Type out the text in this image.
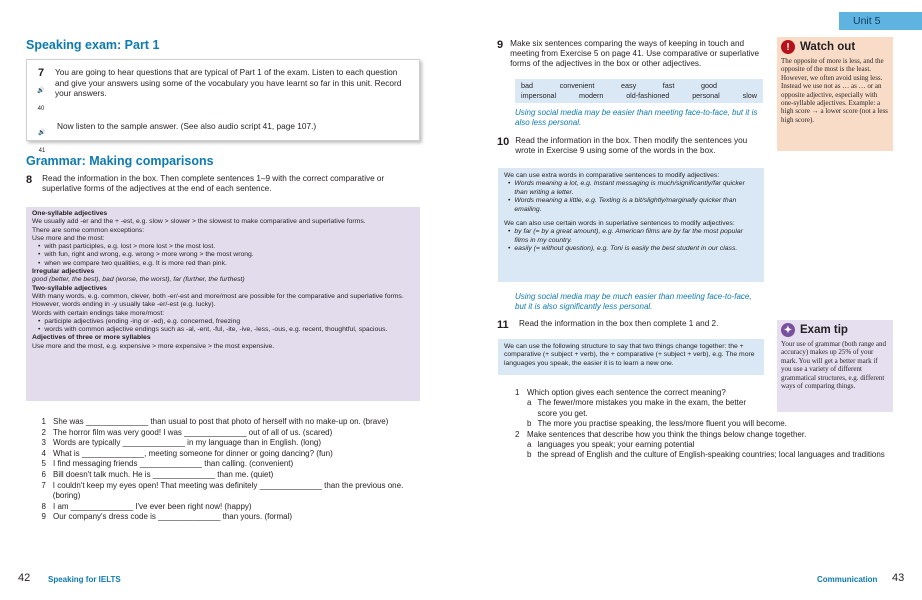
Speaking exam: Part 1
7
🔊 40
You are going to hear questions that are typical of Part 1 of the exam. Listen to each question and give your answers using some of the vocabulary you have learnt so far in this unit. Record your answers.
🔊 41
Now listen to the sample answer. (See also audio script 41, page 107.)
Grammar: Making comparisons
8 Read the information in the box. Then complete sentences 1–9 with the correct comparative or superlative forms of the adjectives at the end of each sentence.
One-syllable adjectives
We usually add -er and the + -est, e.g. slow > slower > the slowest to make comparative and superlative forms.
There are some common exceptions:
Use more and the most:
• with past participles, e.g. lost > more lost > the most lost.
• with fun, right and wrong, e.g. wrong > more wrong > the most wrong.
• when we compare two qualities, e.g. It is more red than pink.
Irregular adjectives
good (better, the best), bad (worse, the worst), far (further, the furthest)
Two-syllable adjectives
With many words, e.g. common, clever, both -er/-est and more/most are possible for the comparative and superlative forms. However, words ending in -y usually take -er/-est (e.g. lucky).
Words with certain endings take more/most:
• participle adjectives (ending -ing or -ed), e.g. concerned, freezing
• words with common adjective endings such as -al, -ent, -ful, -ite, -ive, -less, -ous, e.g. recent, thoughtful, spacious.
Adjectives of three or more syllables
Use more and the most, e.g. expensive > more expensive > the most expensive.
1 She was ______________ than usual to post that photo of herself with no make-up on. (brave)
2 The horror film was very good! I was ______________ out of all of us. (scared)
3 Words are typically ______________ in my language than in English. (long)
4 What is ______________, meeting someone for dinner or going dancing? (fun)
5 I find messaging friends ______________ than calling. (convenient)
6 Bill doesn't talk much. He is ______________ than me. (quiet)
7 I couldn't keep my eyes open! That meeting was definitely ______________ than the previous one. (boring)
8 I am ______________ I've ever been right now! (happy)
9 Our company's dress code is ______________ than yours. (formal)
42 Speaking for IELTS
Unit 5
9 Make six sentences comparing the ways of keeping in touch and meeting from Exercise 5 on page 41. Use comparative or superlative forms of the adjectives in the box or other adjectives.
bad	convenient	easy	fast	good
impersonal	modern	old-fashioned	personal	slow
Using social media may be easier than meeting face-to-face, but it is also less personal.
10 Read the information in the box. Then modify the sentences you wrote in Exercise 9 using some of the words in the box.
We can use extra words in comparative sentences to modify adjectives:
• Words meaning a lot, e.g. Instant messaging is much/significantly/far quicker than writing a letter.
• Words meaning a little, e.g. Texting is a bit/slightly/marginally quicker than emailing.
We can also use certain words in superlative sentences to modify adjectives:
• by far (= by a great amount), e.g. American films are by far the most popular films in my country.
• easily (= without question), e.g. Toni is easily the best student in our class.
Using social media may be much easier than meeting face-to-face, but it is also significantly less personal.
11	Read the information in the box then complete 1 and 2.
We can use the following structure to say that two things change together: the + comparative (+ subject + verb), the + comparative (+ subject + verb), e.g. The more languages you speak, the easier it is to learn a new one.
1 Which option gives each sentence the correct meaning?
a The fewer/more mistakes you make in the exam, the better score you get.
b The more you practise speaking, the less/more fluent you will become.
2 Make sentences that describe how you think the things below change together.
a languages you speak; your earning potential
b the spread of English and the culture of English-speaking countries; local languages and traditions
! Watch out
The opposite of more is less, and the opposite of the most is the least. However, we often avoid using less. Instead we use not as … as … or an opposite adjective, especially with one-syllable adjectives. Example: a high score → a lower score (not a less high score).
✦ Exam tip
Your use of grammar (both range and accuracy) makes up 25% of your mark. You will get a better mark if you use a variety of different grammatical structures, e.g. different ways of comparing things.
Communication 43
